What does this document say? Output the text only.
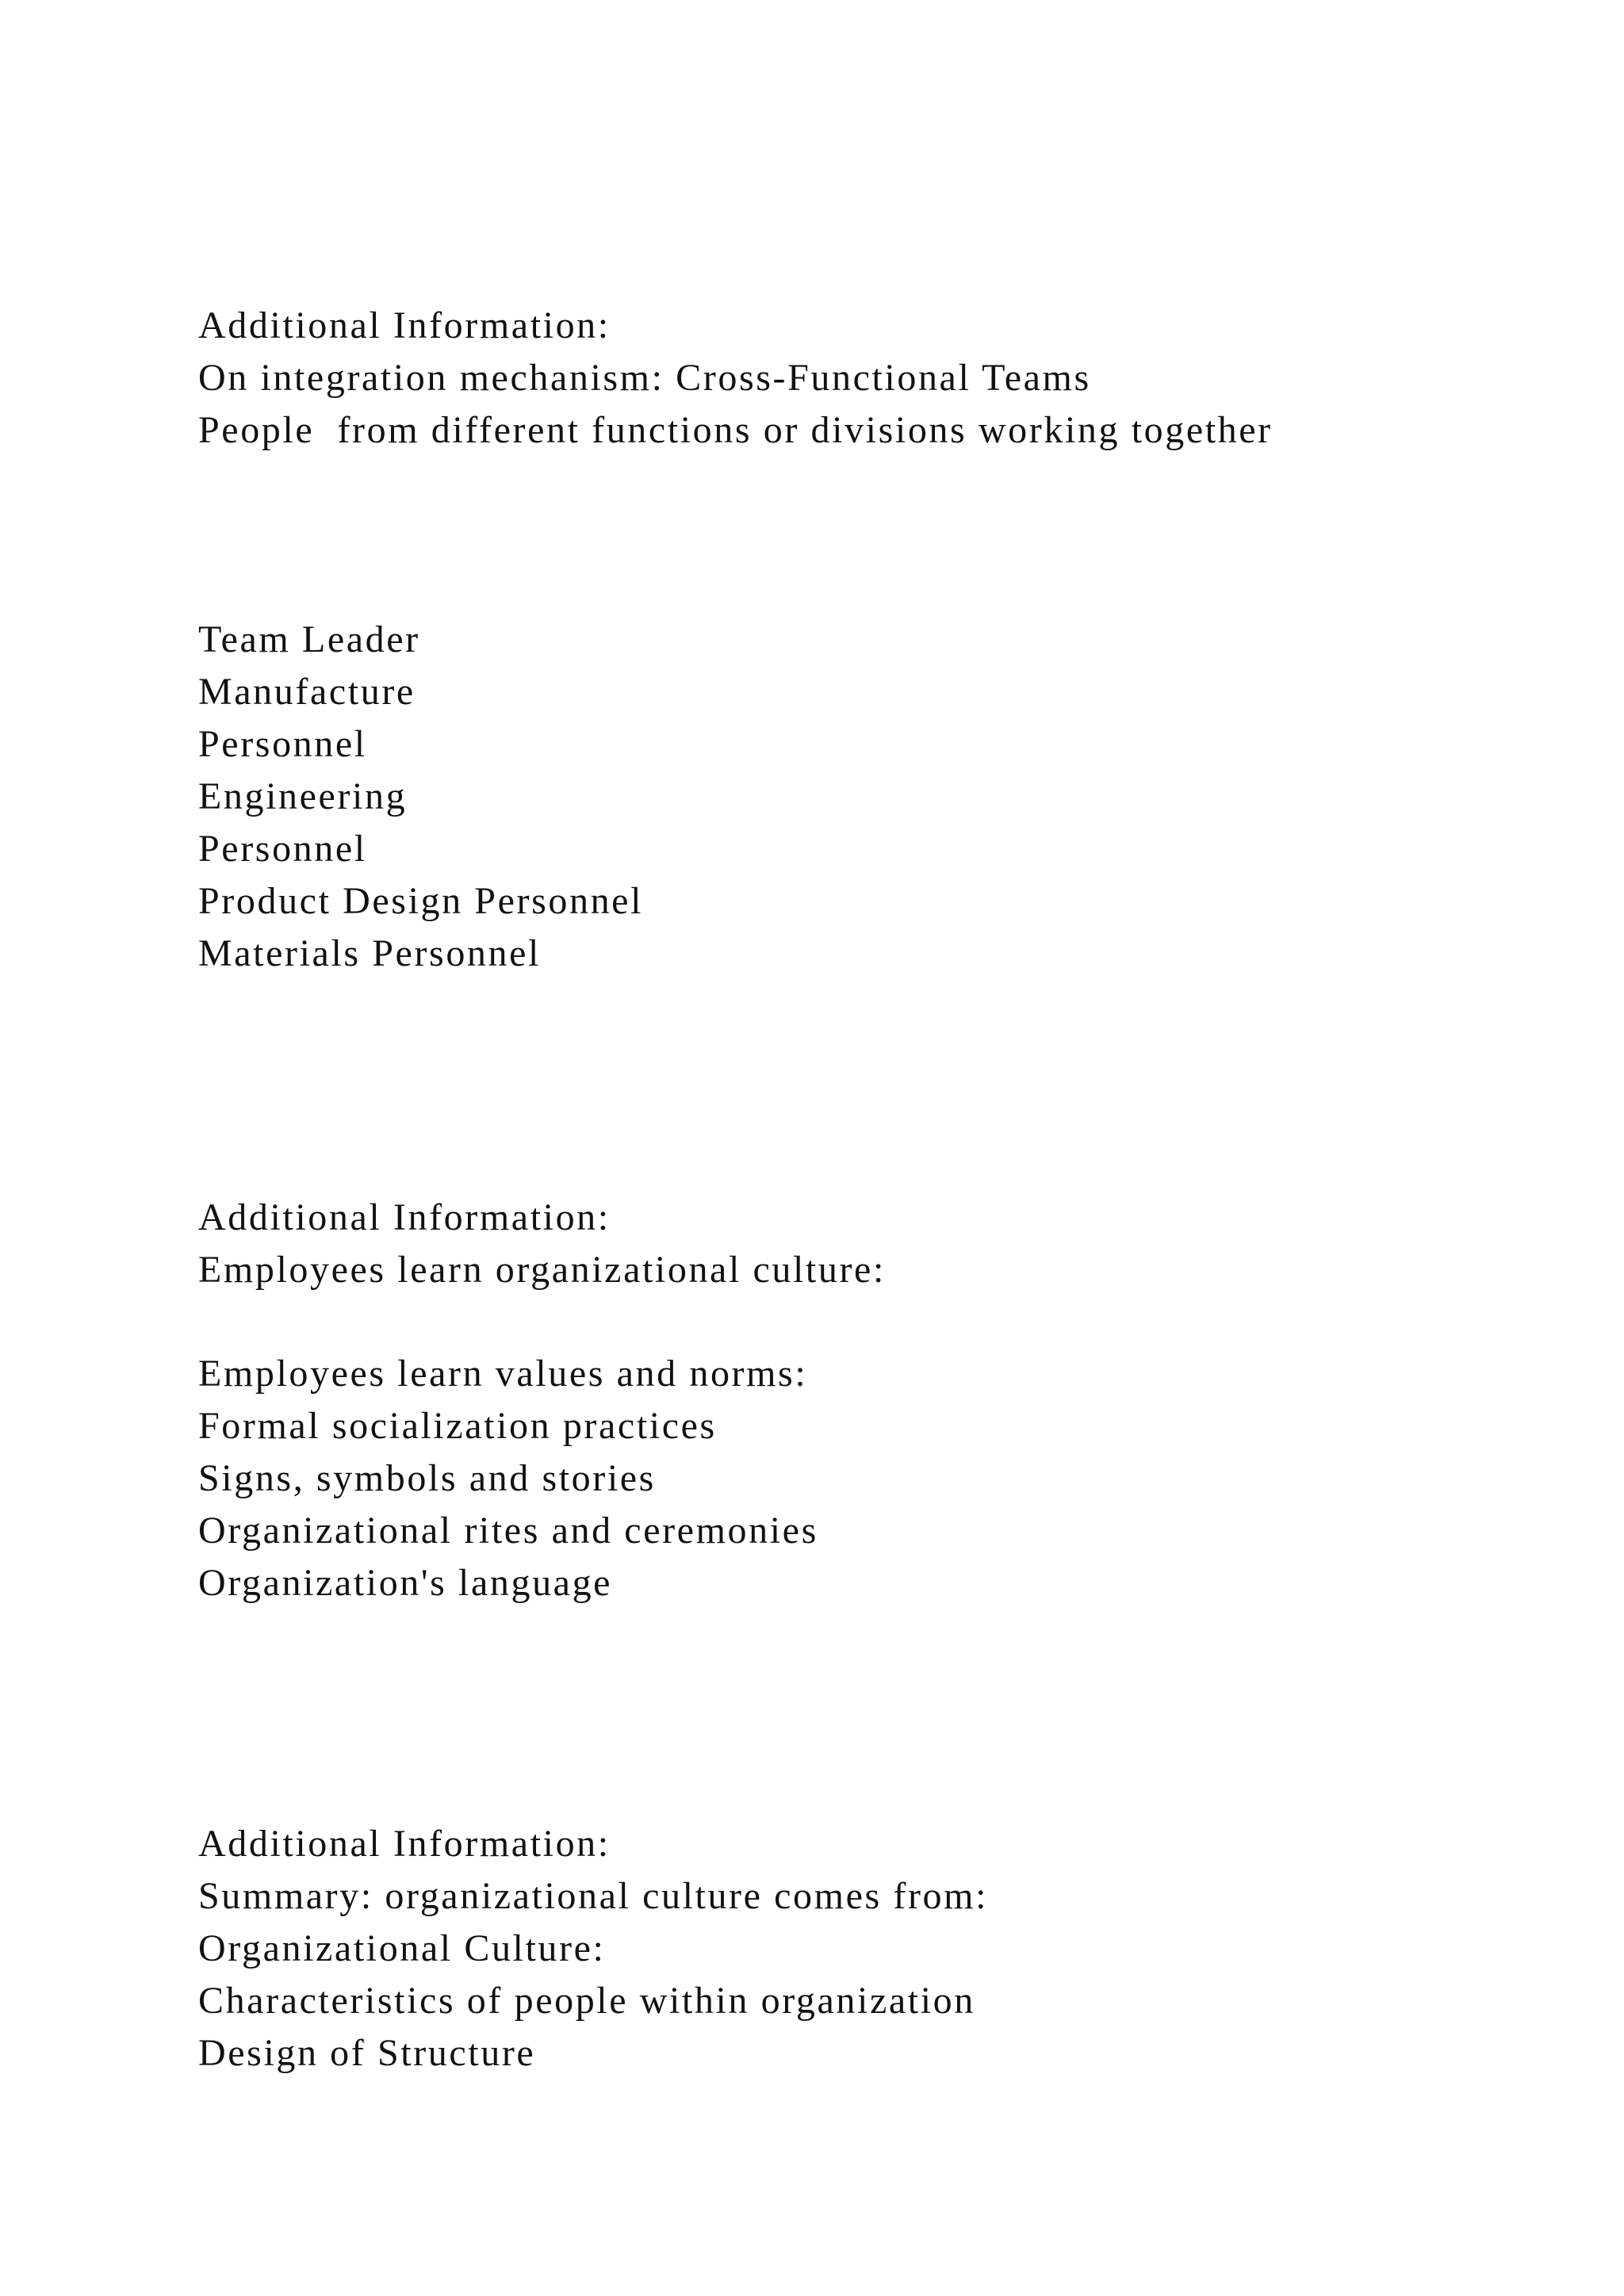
Additional Information:

On integration mechanism: Cross-Functional Teams

People  from different functions or divisions working together

Team Leader

Manufacture

Personnel

Engineering

Personnel

Product Design Personnel

Materials Personnel

Additional Information:

Employees learn organizational culture:

Employees learn values and norms:

Formal socialization practices

Signs, symbols and stories

Organizational rites and ceremonies

Organization's language

Additional Information:

Summary: organizational culture comes from:

Organizational Culture:

Characteristics of people within organization

Design of Structure
